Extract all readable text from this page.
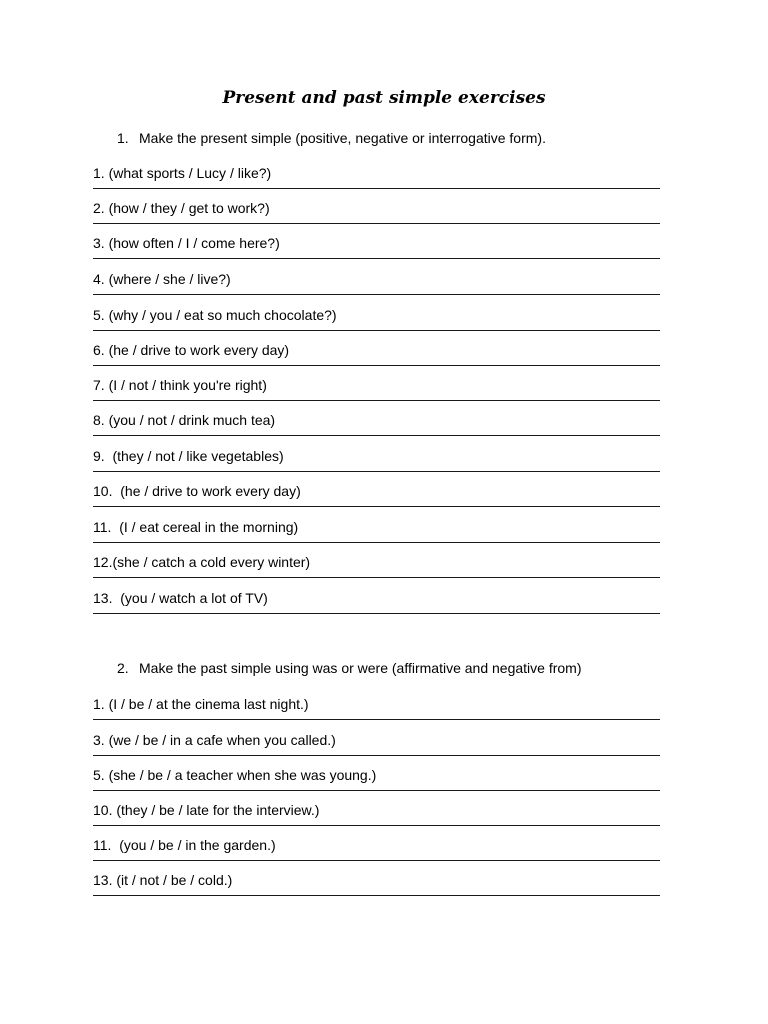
Present and past simple exercises
1. Make the present simple (positive, negative or interrogative form).
1. (what sports / Lucy / like?)
2. (how / they / get to work?)
3. (how often / I / come here?)
4. (where / she / live?)
5. (why / you / eat so much chocolate?)
6. (he / drive to work every day)
7. (I / not / think you're right)
8. (you / not / drink much tea)
9.  (they / not / like vegetables)
10.  (he / drive to work every day)
11.  (I / eat cereal in the morning)
12.(she / catch a cold every winter)
13.  (you / watch a lot of TV)
2. Make the past simple using was or were (affirmative and negative from)
1. (I / be / at the cinema last night.)
3. (we / be / in a cafe when you called.)
5. (she / be / a teacher when she was young.)
10. (they / be / late for the interview.)
11.  (you / be / in the garden.)
13. (it / not / be / cold.)
